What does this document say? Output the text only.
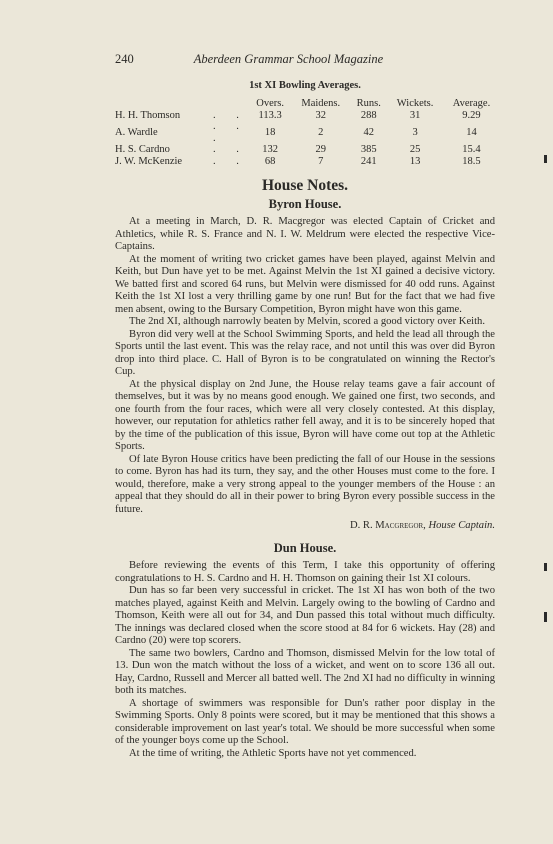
240	Aberdeen Grammar School Magazine
1st XI Bowling Averages.
		Overs.	Maidens.	Runs.	Wickets.	Average.
H. H. Thomson	. .	113.3	32	288	31	9.29
A. Wardle	. . .	18	2	42	3	14
H. S. Cardno	. .	132	29	385	25	15.4
J. W. McKenzie	. .	68	7	241	13	18.5
House Notes.
Byron House.

At a meeting in March, D. R. Macgregor was elected Captain of Cricket and Athletics, while R. S. France and N. I. W. Meldrum were elected the respective Vice-Captains.

At the moment of writing two cricket games have been played, against Melvin and Keith, but Dun have yet to be met. Against Melvin the 1st XI gained a decisive victory. We batted first and scored 64 runs, but Melvin were dismissed for 40 odd runs. Against Keith the 1st XI lost a very thrilling game by one run! But for the fact that we had five men absent, owing to the Bursary Competition, Byron might have won this game.

The 2nd XI, although narrowly beaten by Melvin, scored a good victory over Keith.

Byron did very well at the School Swimming Sports, and held the lead all through the Sports until the last event. This was the relay race, and not until this was over did Byron drop into third place. C. Hall of Byron is to be congratulated on winning the Rector's Cup.

At the physical display on 2nd June, the House relay teams gave a fair account of themselves, but it was by no means good enough. We gained one first, two seconds, and one fourth from the four races, which were all very closely contested. At this display, however, our reputation for athletics rather fell away, and it is to be sincerely hoped that by the time of the publication of this issue, Byron will have come out top at the Athletic Sports.

Of late Byron House critics have been predicting the fall of our House in the sessions to come. Byron has had its turn, they say, and the other Houses must come to the fore. I would, therefore, make a very strong appeal to the younger members of the House : an appeal that they should do all in their power to bring Byron every possible success in the future.

D. R. Macgregor, House Captain.

Dun House.

Before reviewing the events of this Term, I take this opportunity of offering congratulations to H. S. Cardno and H. H. Thomson on gaining their 1st XI colours.

Dun has so far been very successful in cricket. The 1st XI has won both of the two matches played, against Keith and Melvin. Largely owing to the bowling of Cardno and Thomson, Keith were all out for 34, and Dun passed this total without much difficulty. The innings was declared closed when the score stood at 84 for 6 wickets. Hay (28) and Cardno (20) were top scorers.

The same two bowlers, Cardno and Thomson, dismissed Melvin for the low total of 13. Dun won the match without the loss of a wicket, and went on to score 136 all out. Hay, Cardno, Russell and Mercer all batted well. The 2nd XI had no difficulty in winning both its matches.

A shortage of swimmers was responsible for Dun's rather poor display in the Swimming Sports. Only 8 points were scored, but it may be mentioned that this shows a considerable improvement on last year's total. We should be more successful when some of the younger boys come up the School.

At the time of writing, the Athletic Sports have not yet commenced.
